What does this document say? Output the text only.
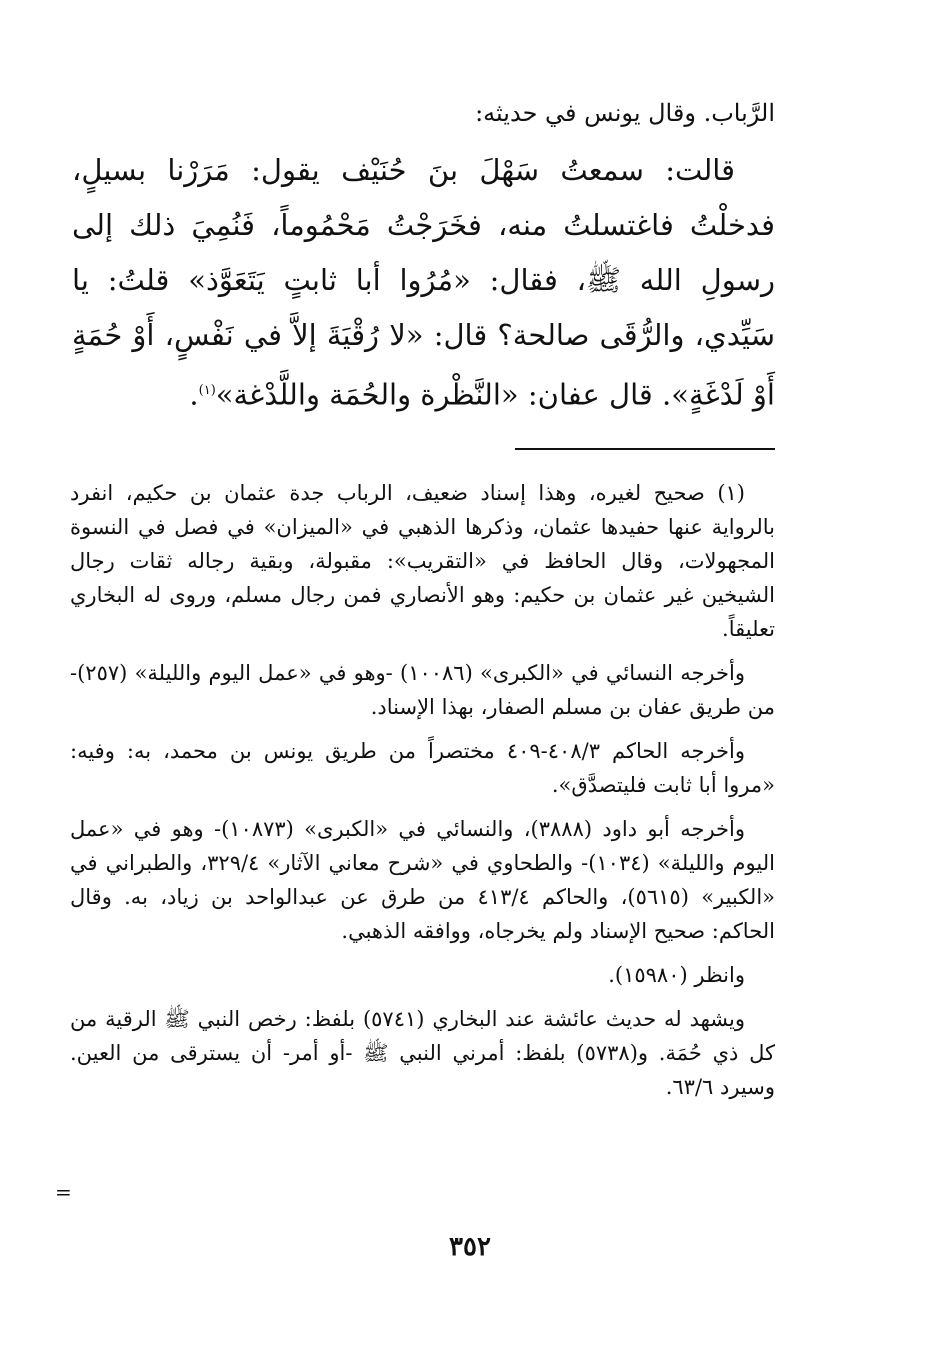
الرَّباب. وقال يونس في حديثه:

قالت: سمعتُ سَهْلَ بنَ حُنَيْف يقول: مَرَرْنا بسيلٍ، فدخلْتُ فاغتسلتُ منه، فخَرَجْتُ مَحْمُوماً، فَنُمِيَ ذلك إلى رسولِ الله ﷺ، فقال: «مُرُوا أبا ثابتٍ يَتَعَوَّذ» قلتُ: يا سَيِّدي، والرُّقَى صالحة؟ قال: «لا رُقْيَةَ إلاَّ في نَفْسٍ، أَوْ حُمَةٍ أَوْ لَدْغَةٍ». قال عفان: «النَّظْرة والحُمَة واللَّدْغة»$^{(١)}$.

(١) صحيح لغيره، وهذا إسناد ضعيف، الرباب جدة عثمان بن حكيم، انفرد بالرواية عنها حفيدها عثمان، وذكرها الذهبي في «الميزان» في فصل في النسوة المجهولات، وقال الحافظ في «التقريب»: مقبولة، وبقية رجاله ثقات رجال الشيخين غير عثمان بن حكيم: وهو الأنصاري فمن رجال مسلم، وروى له البخاري تعليقاً.

وأخرجه النسائي في «الكبرى» (١٠٠٨٦) -وهو في «عمل اليوم والليلة» (٢٥٧)- من طريق عفان بن مسلم الصفار، بهذا الإسناد.

وأخرجه الحاكم ٤٠٨/٣-٤٠٩ مختصراً من طريق يونس بن محمد، به: وفيه: «مروا أبا ثابت فليتصدَّق».

وأخرجه أبو داود (٣٨٨٨)، والنسائي في «الكبرى» (١٠٨٧٣)- وهو في «عمل اليوم والليلة» (١٠٣٤)- والطحاوي في «شرح معاني الآثار» ٣٢٩/٤، والطبراني في «الكبير» (٥٦١٥)، والحاكم ٤١٣/٤ من طرق عن عبدالواحد بن زياد، به. وقال الحاكم: صحيح الإسناد ولم يخرجاه، ووافقه الذهبي.

وانظر (١٥٩٨٠).

ويشهد له حديث عائشة عند البخاري (٥٧٤١) بلفظ: رخص النبي ﷺ الرقية من كل ذي حُمَة. و(٥٧٣٨) بلفظ: أمرني النبي ﷺ -أو أمر- أن يسترقى من العين. وسيرد ٦٣/٦.

=
٣٥٢
